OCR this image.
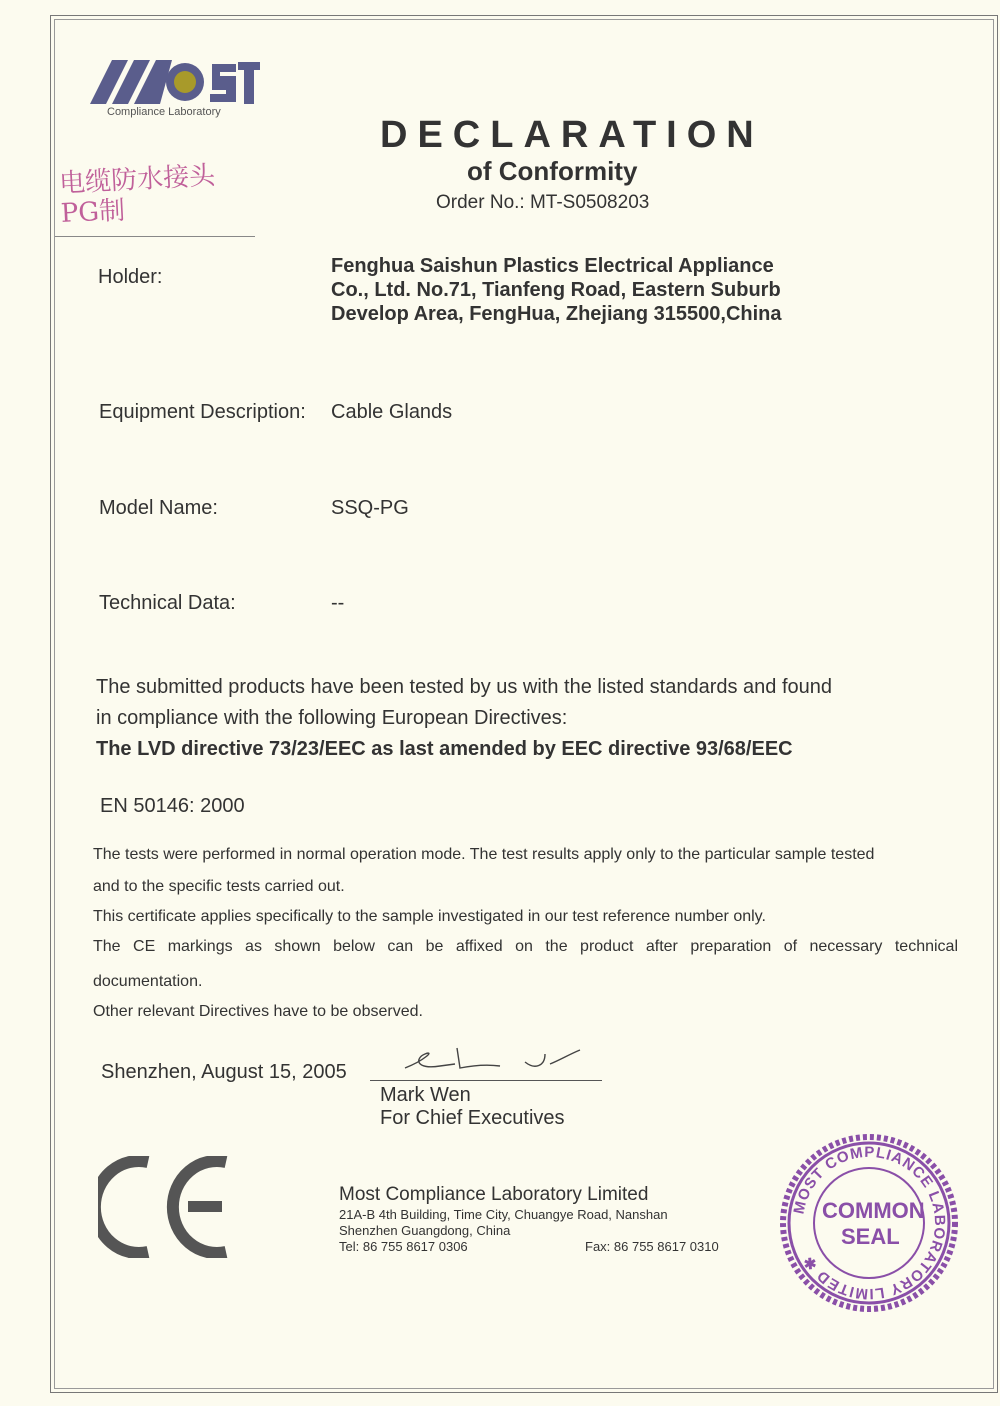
Compliance Laboratory
电缆防水接头
PG制
DECLARATION
of Conformity
Order No.: MT-S0508203
Holder:	Fenghua Saishun Plastics Electrical Appliance Co., Ltd. No.71, Tianfeng Road, Eastern Suburb Develop Area, FengHua, Zhejiang 315500,China
Equipment Description: Cable Glands
Model Name:	SSQ-PG
Technical Data:	--
The submitted products have been tested by us with the listed standards and found
in compliance with the following European Directives:
The LVD directive 73/23/EEC as last amended by EEC directive 93/68/EEC
EN 50146: 2000
The tests were performed in normal operation mode. The test results apply only to the particular sample tested
and to the specific tests carried out.
This certificate applies specifically to the sample investigated in our test reference number only.
The CE markings as shown below can be affixed on the product after preparation of necessary technical
documentation.
Other relevant Directives have to be observed.
Shenzhen, August 15, 2005
Mark Wen
For Chief Executives
Most Compliance Laboratory Limited
21A-B 4th Building, Time City, Chuangye Road, Nanshan
Shenzhen Guangdong, China
Tel: 86 755 8617 0306	Fax: 86 755 8617 0310
MOST COMPLIANCE LABORATORY LIMITED ✱
COMMON
SEAL
